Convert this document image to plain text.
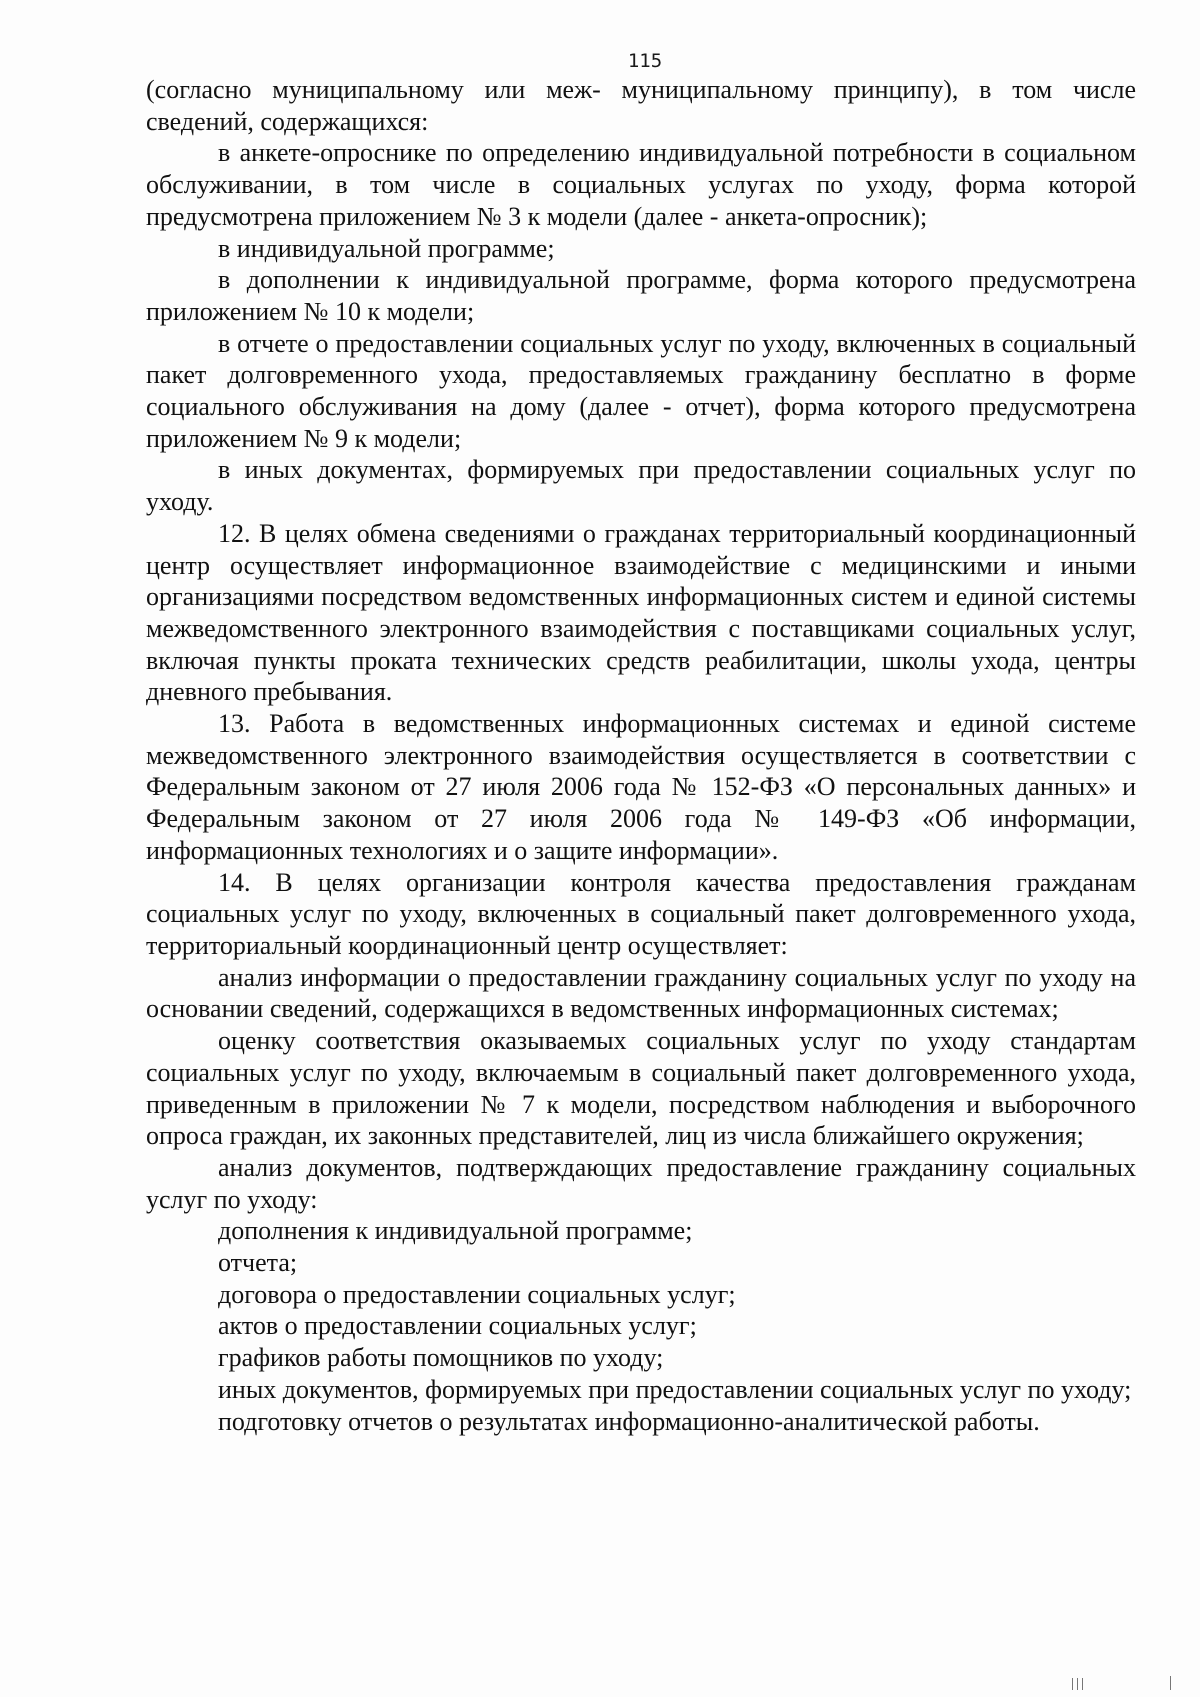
115

(согласно муниципальному или меж- муниципальному принципу), в том числе сведений, содержащихся:

в анкете-опроснике по определению индивидуальной потребности в социальном обслуживании, в том числе в социальных услугах по уходу, форма которой предусмотрена приложением № 3 к модели (далее - анкета-опросник);

в индивидуальной программе;

в дополнении к индивидуальной программе, форма которого предусмотрена приложением № 10 к модели;

в отчете о предоставлении социальных услуг по уходу, включенных в социальный пакет долговременного ухода, предоставляемых гражданину бесплатно в форме социального обслуживания на дому (далее - отчет), форма которого предусмотрена приложением № 9 к модели;

в иных документах, формируемых при предоставлении социальных услуг по уходу.

12. В целях обмена сведениями о гражданах территориальный координационный центр осуществляет информационное взаимодействие с медицинскими и иными организациями посредством ведомственных информационных систем и единой системы межведомственного электронного взаимодействия с поставщиками социальных услуг, включая пункты проката технических средств реабилитации, школы ухода, центры дневного пребывания.

13. Работа в ведомственных информационных системах и единой системе межведомственного электронного взаимодействия осуществляется в соответствии с Федеральным законом от 27 июля 2006 года № 152-ФЗ «О персональных данных» и Федеральным законом от 27 июля 2006 года № 149-ФЗ «Об информации, информационных технологиях и о защите информации».

14. В целях организации контроля качества предоставления гражданам социальных услуг по уходу, включенных в социальный пакет долговременного ухода, территориальный координационный центр осуществляет:

анализ информации о предоставлении гражданину социальных услуг по уходу на основании сведений, содержащихся в ведомственных информационных системах;

оценку соответствия оказываемых социальных услуг по уходу стандартам социальных услуг по уходу, включаемым в социальный пакет долговременного ухода, приведенным в приложении № 7 к модели, посредством наблюдения и выборочного опроса граждан, их законных представителей, лиц из числа ближайшего окружения;

анализ документов, подтверждающих предоставление гражданину социальных услуг по уходу:

дополнения к индивидуальной программе;

отчета;

договора о предоставлении социальных услуг;

актов о предоставлении социальных услуг;

графиков работы помощников по уходу;

иных документов, формируемых при предоставлении социальных услуг по уходу;

подготовку отчетов о результатах информационно-аналитической работы.
